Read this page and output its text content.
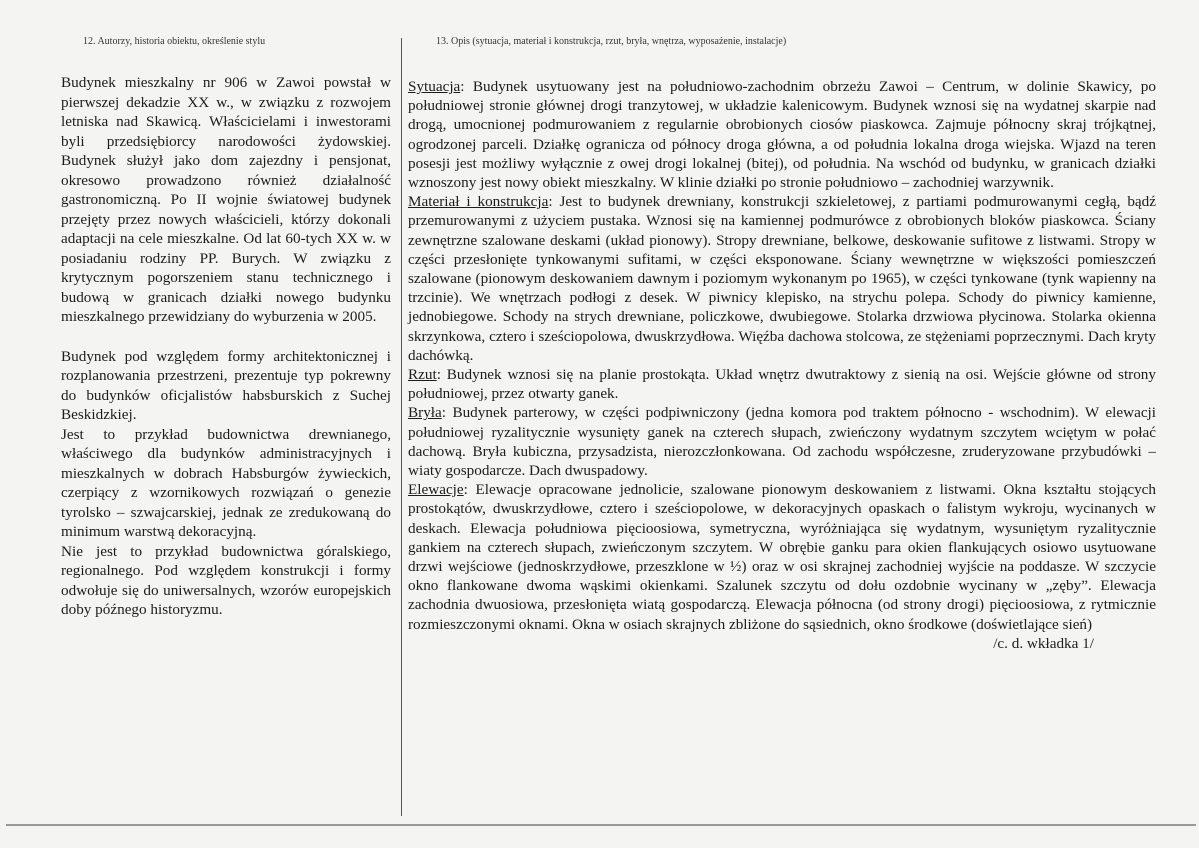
12. Autorzy, historia obiektu, określenie stylu	13. Opis (sytuacja, materiał i konstrukcja, rzut, bryła, wnętrza, wyposażenie, instalacje)

Budynek mieszkalny nr 906 w Zawoi powstał w pierwszej dekadzie XX w., w związku z rozwojem letniska nad Skawicą. Właścicielami i inwestorami byli przedsiębiorcy narodowości żydowskiej. Budynek służył jako dom zajezdny i pensjonat, okresowo prowadzono również działalność gastronomiczną. Po II wojnie światowej budynek przejęty przez nowych właścicieli, którzy dokonali adaptacji na cele mieszkalne. Od lat 60-tych XX w. w posiadaniu rodziny PP. Burych. W związku z krytycznym pogorszeniem stanu technicznego i budową w granicach działki nowego budynku mieszkalnego przewidziany do wyburzenia w 2005.

Budynek pod względem formy architektonicznej i rozplanowania przestrzeni, prezentuje typ pokrewny do budynków oficjalistów habsburskich z Suchej Beskidzkiej.

Jest to przykład budownictwa drewnianego, właściwego dla budynków administracyjnych i mieszkalnych w dobrach Habsburgów żywieckich, czerpiący z wzornikowych rozwiązań o genezie tyrolsko – szwajcarskiej, jednak ze zredukowaną do minimum warstwą dekoracyjną.

Nie jest to przykład budownictwa góralskiego, regionalnego. Pod względem konstrukcji i formy odwołuje się do uniwersalnych, wzorów europejskich doby późnego historyzmu.

Sytuacja: Budynek usytuowany jest na południowo-zachodnim obrzeżu Zawoi – Centrum, w dolinie Skawicy, po południowej stronie głównej drogi tranzytowej, w układzie kalenicowym. Budynek wznosi się na wydatnej skarpie nad drogą, umocnionej podmurowaniem z regularnie obrobionych ciosów piaskowca. Zajmuje północny skraj trójkątnej, ogrodzonej parceli. Działkę ogranicza od północy droga główna, a od południa lokalna droga wiejska. Wjazd na teren posesji jest możliwy wyłącznie z owej drogi lokalnej (bitej), od południa. Na wschód od budynku, w granicach działki wznoszony jest nowy obiekt mieszkalny. W klinie działki po stronie południowo – zachodniej warzywnik.

Materiał i konstrukcja: Jest to budynek drewniany, konstrukcji szkieletowej, z partiami podmurowanymi cegłą, bądź przemurowanymi z użyciem pustaka. Wznosi się na kamiennej podmurówce z obrobionych bloków piaskowca. Ściany zewnętrzne szalowane deskami (układ pionowy). Stropy drewniane, belkowe, deskowanie sufitowe z listwami. Stropy w części przesłonięte tynkowanymi sufitami, w części eksponowane. Ściany wewnętrzne w większości pomieszczeń szalowane (pionowym deskowaniem dawnym i poziomym wykonanym po 1965), w części tynkowane (tynk wapienny na trzcinie). We wnętrzach podłogi z desek. W piwnicy klepisko, na strychu polepa. Schody do piwnicy kamienne, jednobiegowe. Schody na strych drewniane, policzkowe, dwubiegowe. Stolarka drzwiowa płycinowa. Stolarka okienna skrzynkowa, cztero i sześciopolowa, dwuskrzydłowa. Więźba dachowa stolcowa, ze stężeniami poprzecznymi. Dach kryty dachówką.

Rzut: Budynek wznosi się na planie prostokąta. Układ wnętrz dwutraktowy z sienią na osi. Wejście główne od strony południowej, przez otwarty ganek.

Bryła: Budynek parterowy, w części podpiwniczony (jedna komora pod traktem północno - wschodnim). W elewacji południowej ryzalitycznie wysunięty ganek na czterech słupach, zwieńczony wydatnym szczytem wciętym w połać dachową. Bryła kubiczna, przysadzista, nierozczłonkowana. Od zachodu współczesne, zruderyzowane przybudówki – wiaty gospodarcze. Dach dwuspadowy.

Elewacje: Elewacje opracowane jednolicie, szalowane pionowym deskowaniem z listwami. Okna kształtu stojących prostokątów, dwuskrzydłowe, cztero i sześciopolowe, w dekoracyjnych opaskach o falistym wykroju, wycinanych w deskach. Elewacja południowa pięcioosiowa, symetryczna, wyróżniająca się wydatnym, wysuniętym ryzalitycznie gankiem na czterech słupach, zwieńczonym szczytem. W obrębie ganku para okien flankujących osiowo usytuowane drzwi wejściowe (jednoskrzydłowe, przeszklone w ½) oraz w osi skrajnej zachodniej wyjście na poddasze. W szczycie okno flankowane dwoma wąskimi okienkami. Szalunek szczytu od dołu ozdobnie wycinany w „zęby”. Elewacja zachodnia dwuosiowa, przesłonięta wiatą gospodarczą. Elewacja północna (od strony drogi) pięcioosiowa, z rytmicznie rozmieszczonymi oknami. Okna w osiach skrajnych zbliżone do sąsiednich, okno środkowe (doświetlające sień)
/c. d. wkładka 1/
